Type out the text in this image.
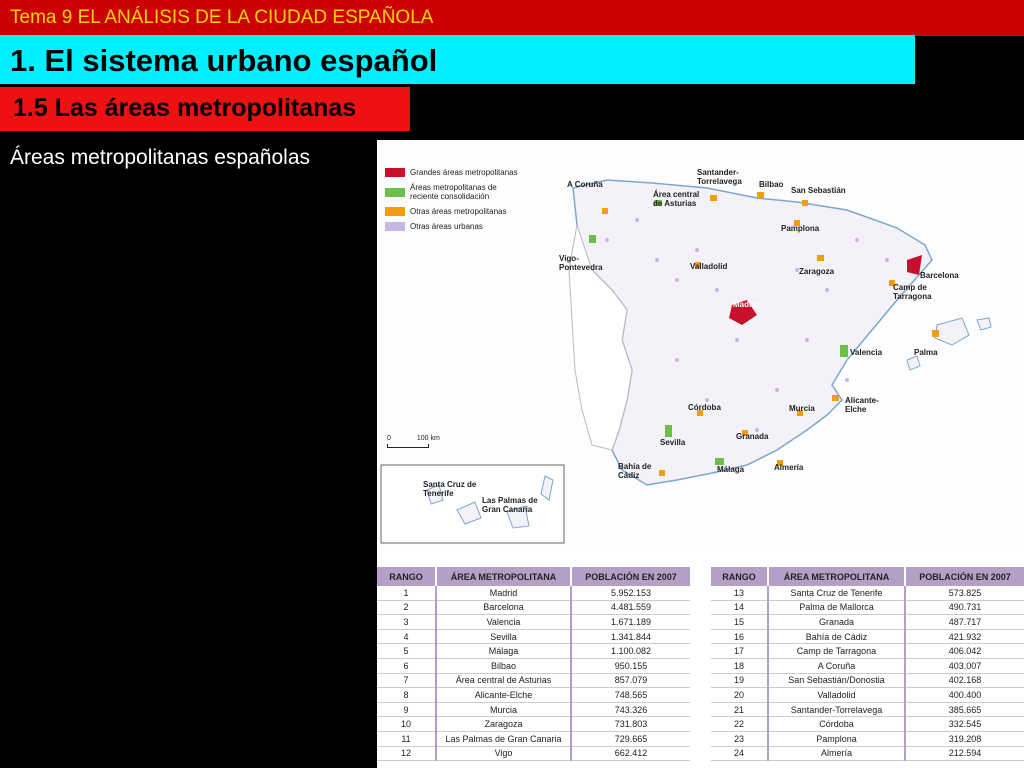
Tema 9 EL ANÁLISIS DE LA CIUDAD ESPAÑOLA
1. El sistema urbano español
1.5 Las áreas metropolitanas
Áreas metropolitanas españolas
Grandes áreas metropolitanas
Áreas metropolitanas de reciente consolidación
Otras áreas metropolitanas
Otras áreas urbanas
0	100 km
A Coruña
Santander-Torrelavega	Bilbao
San Sebastián
Área central de Asturias
Pamplona
Vigo-Pontevedra	Valladolid
Zaragoza	Barcelona
Camp de Tarragona
Madrid
Valencia	Palma
Alicante-Elche
Córdoba	Murcia
Sevilla
Granada
Bahía de Cádiz
Málaga	Almería
Santa Cruz de Tenerife
Las Palmas de Gran Canaria
RANGO	ÁREA METROPOLITANA	POBLACIÓN EN 2007
1	Madrid	5.952.153
2	Barcelona	4.481.559
3	Valencia	1.671.189
4	Sevilla	1.341.844
5	Málaga	1.100.082
6	Bilbao	950.155
7	Área central de Asturias	857.079
8	Alicante-Elche	748.565
9	Murcia	743.326
10	Zaragoza	731.803
11	Las Palmas de Gran Canaria	729.665
12	Vigo	662.412
RANGO	ÁREA METROPOLITANA	POBLACIÓN EN 2007
13	Santa Cruz de Tenerife	573.825
14	Palma de Mallorca	490.731
15	Granada	487.717
16	Bahía de Cádiz	421.932
17	Camp de Tarragona	406.042
18	A Coruña	403.007
19	San Sebastián/Donostia	402.168
20	Valladolid	400.400
21	Santander-Torrelavega	385.665
22	Córdoba	332.545
23	Pamplona	319.208
24	Almería	212.594
